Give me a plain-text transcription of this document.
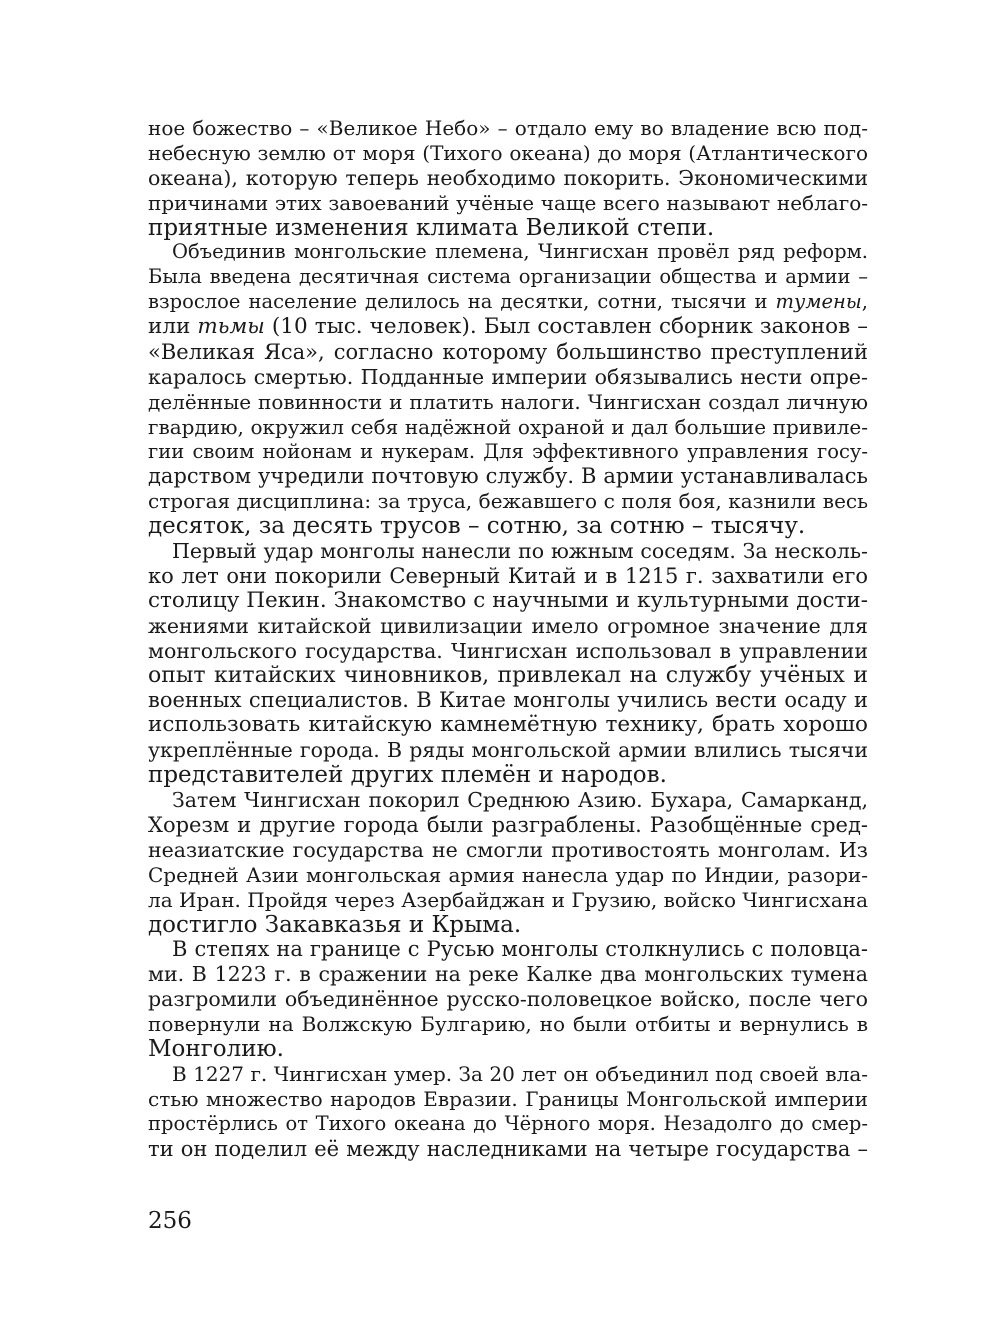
ное божество – «Великое Небо» – отдало ему во владение всю под-
небесную землю от моря (Тихого океана) до моря (Атлантического
океана), которую теперь необходимо покорить. Экономическими
причинами этих завоеваний учёные чаще всего называют неблаго-
приятные изменения климата Великой степи.
Объединив монгольские племена, Чингисхан провёл ряд реформ.
Была введена десятичная система организации общества и армии –
взрослое население делилось на десятки, сотни, тысячи и тумены,
или тьмы (10 тыс. человек). Был составлен сборник законов –
«Великая Яса», согласно которому большинство преступлений
каралось смертью. Подданные империи обязывались нести опре-
делённые повинности и платить налоги. Чингисхан создал личную
гвардию, окружил себя надёжной охраной и дал большие привиле-
гии своим нойонам и нукерам. Для эффективного управления госу-
дарством учредили почтовую службу. В армии устанавливалась
строгая дисциплина: за труса, бежавшего с поля боя, казнили весь
десяток, за десять трусов – сотню, за сотню – тысячу.
Первый удар монголы нанесли по южным соседям. За несколь-
ко лет они покорили Северный Китай и в 1215 г. захватили его
столицу Пекин. Знакомство с научными и культурными дости-
жениями китайской цивилизации имело огромное значение для
монгольского государства. Чингисхан использовал в управлении
опыт китайских чиновников, привлекал на службу учёных и
военных специалистов. В Китае монголы учились вести осаду и
использовать китайскую камнемётную технику, брать хорошо
укреплённые города. В ряды монгольской армии влились тысячи
представителей других племён и народов.
Затем Чингисхан покорил Среднюю Азию. Бухара, Самарканд,
Хорезм и другие города были разграблены. Разобщённые сред-
неазиатские государства не смогли противостоять монголам. Из
Средней Азии монгольская армия нанесла удар по Индии, разори-
ла Иран. Пройдя через Азербайджан и Грузию, войско Чингисхана
достигло Закавказья и Крыма.
В степях на границе с Русью монголы столкнулись с половца-
ми. В 1223 г. в сражении на реке Калке два монгольских тумена
разгромили объединённое русско-половецкое войско, после чего
повернули на Волжскую Булгарию, но были отбиты и вернулись в
Монголию.
В 1227 г. Чингисхан умер. За 20 лет он объединил под своей вла-
стью множество народов Евразии. Границы Монгольской империи
простёрлись от Тихого океана до Чёрного моря. Незадолго до смер-
ти он поделил её между наследниками на четыре государства –
256
